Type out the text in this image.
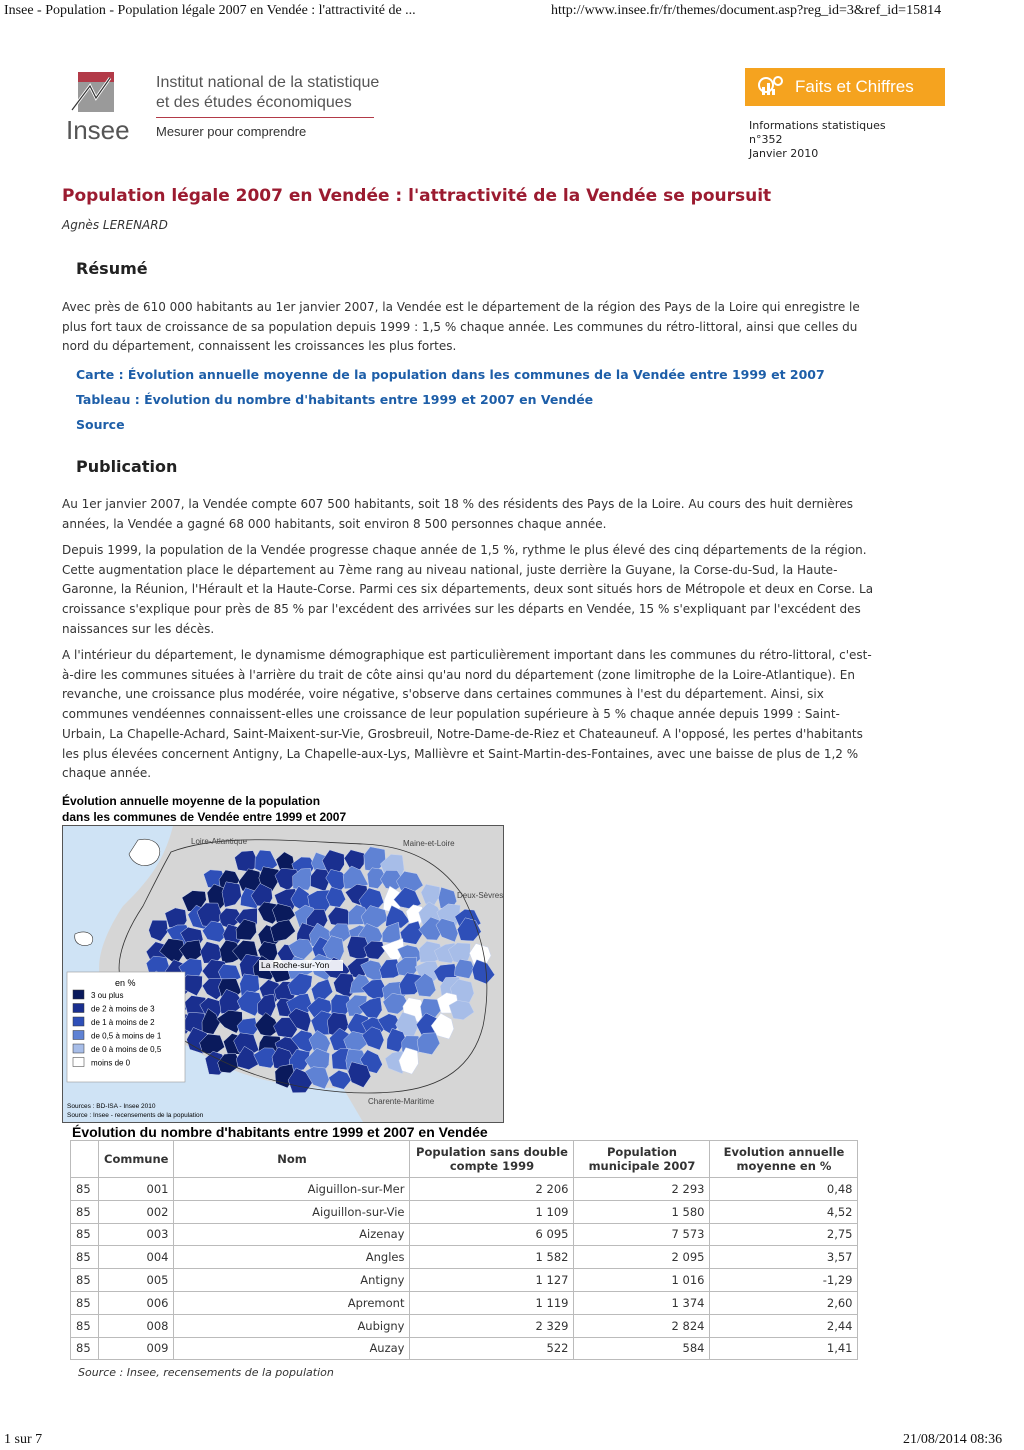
Insee - Population - Population légale 2007 en Vendée : l'attractivité de ...	http://www.insee.fr/fr/themes/document.asp?reg_id=3&ref_id=15814
1 sur 7	21/08/2014 08:36
Insee
Institut national de la statistique
et des études économiques
Mesurer pour comprendre
Faits et Chiffres
Informations statistiques
n°352
Janvier 2010
Population légale 2007 en Vendée : l'attractivité de la Vendée se poursuit
Agnès LERENARD
Résumé
Avec près de 610 000 habitants au 1er janvier 2007, la Vendée est le département de la région des Pays de la Loire qui enregistre le plus fort taux de croissance de sa population depuis 1999 : 1,5 % chaque année. Les communes du rétro-littoral, ainsi que celles du nord du département, connaissent les croissances les plus fortes.
Carte : Évolution annuelle moyenne de la population dans les communes de la Vendée entre 1999 et 2007
Tableau : Évolution du nombre d'habitants entre 1999 et 2007 en Vendée
Source
Publication
Au 1er janvier 2007, la Vendée compte 607 500 habitants, soit 18 % des résidents des Pays de la Loire. Au cours des huit dernières années, la Vendée a gagné 68 000 habitants, soit environ 8 500 personnes chaque année.
Depuis 1999, la population de la Vendée progresse chaque année de 1,5 %, rythme le plus élevé des cinq départements de la région. Cette augmentation place le département au 7ème rang au niveau national, juste derrière la Guyane, la Corse-du-Sud, la Haute-Garonne, la Réunion, l'Hérault et la Haute-Corse. Parmi ces six départements, deux sont situés hors de Métropole et deux en Corse. La croissance s'explique pour près de 85 % par l'excédent des arrivées sur les départs en Vendée, 15 % s'expliquant par l'excédent des naissances sur les décès.
A l'intérieur du département, le dynamisme démographique est particulièrement important dans les communes du rétro-littoral, c'est-à-dire les communes situées à l'arrière du trait de côte ainsi qu'au nord du département (zone limitrophe de la Loire-Atlantique). En revanche, une croissance plus modérée, voire négative, s'observe dans certaines communes à l'est du département. Ainsi, six communes vendéennes connaissent-elles une croissance de leur population supérieure à 5 % chaque année depuis 1999 : Saint-Urbain, La Chapelle-Achard, Saint-Maixent-sur-Vie, Grosbreuil, Notre-Dame-de-Riez et Chateauneuf. A l'opposé, les pertes d'habitants les plus élevées concernent Antigny, La Chapelle-aux-Lys, Mallièvre et Saint-Martin-des-Fontaines, avec une baisse de plus de 1,2 % chaque année.
Évolution annuelle moyenne de la population
dans les communes de Vendée entre 1999 et 2007
La Roche-sur-Yon
Loire-Atlantique	Maine-et-Loire
Deux-Sèvres
Charente-Maritime
en %
3 ou plus
de 2 à moins de 3
de 1 à moins de 2
de 0,5 à moins de 1
de 0 à moins de 0,5
moins de 0
Sources : BD-ISA - Insee 2010
Source : Insee - recensements de la population
Évolution du nombre d'habitants entre 1999 et 2007 en Vendée
	Commune	Nom	Population sans double compte 1999	Population municipale 2007	Evolution annuelle moyenne en %
85	001	Aiguillon-sur-Mer	2 206	2 293	0,48
85	002	Aiguillon-sur-Vie	1 109	1 580	4,52
85	003	Aizenay	6 095	7 573	2,75
85	004	Angles	1 582	2 095	3,57
85	005	Antigny	1 127	1 016	-1,29
85	006	Apremont	1 119	1 374	2,60
85	008	Aubigny	2 329	2 824	2,44
85	009	Auzay	522	584	1,41
Source : Insee, recensements de la population
